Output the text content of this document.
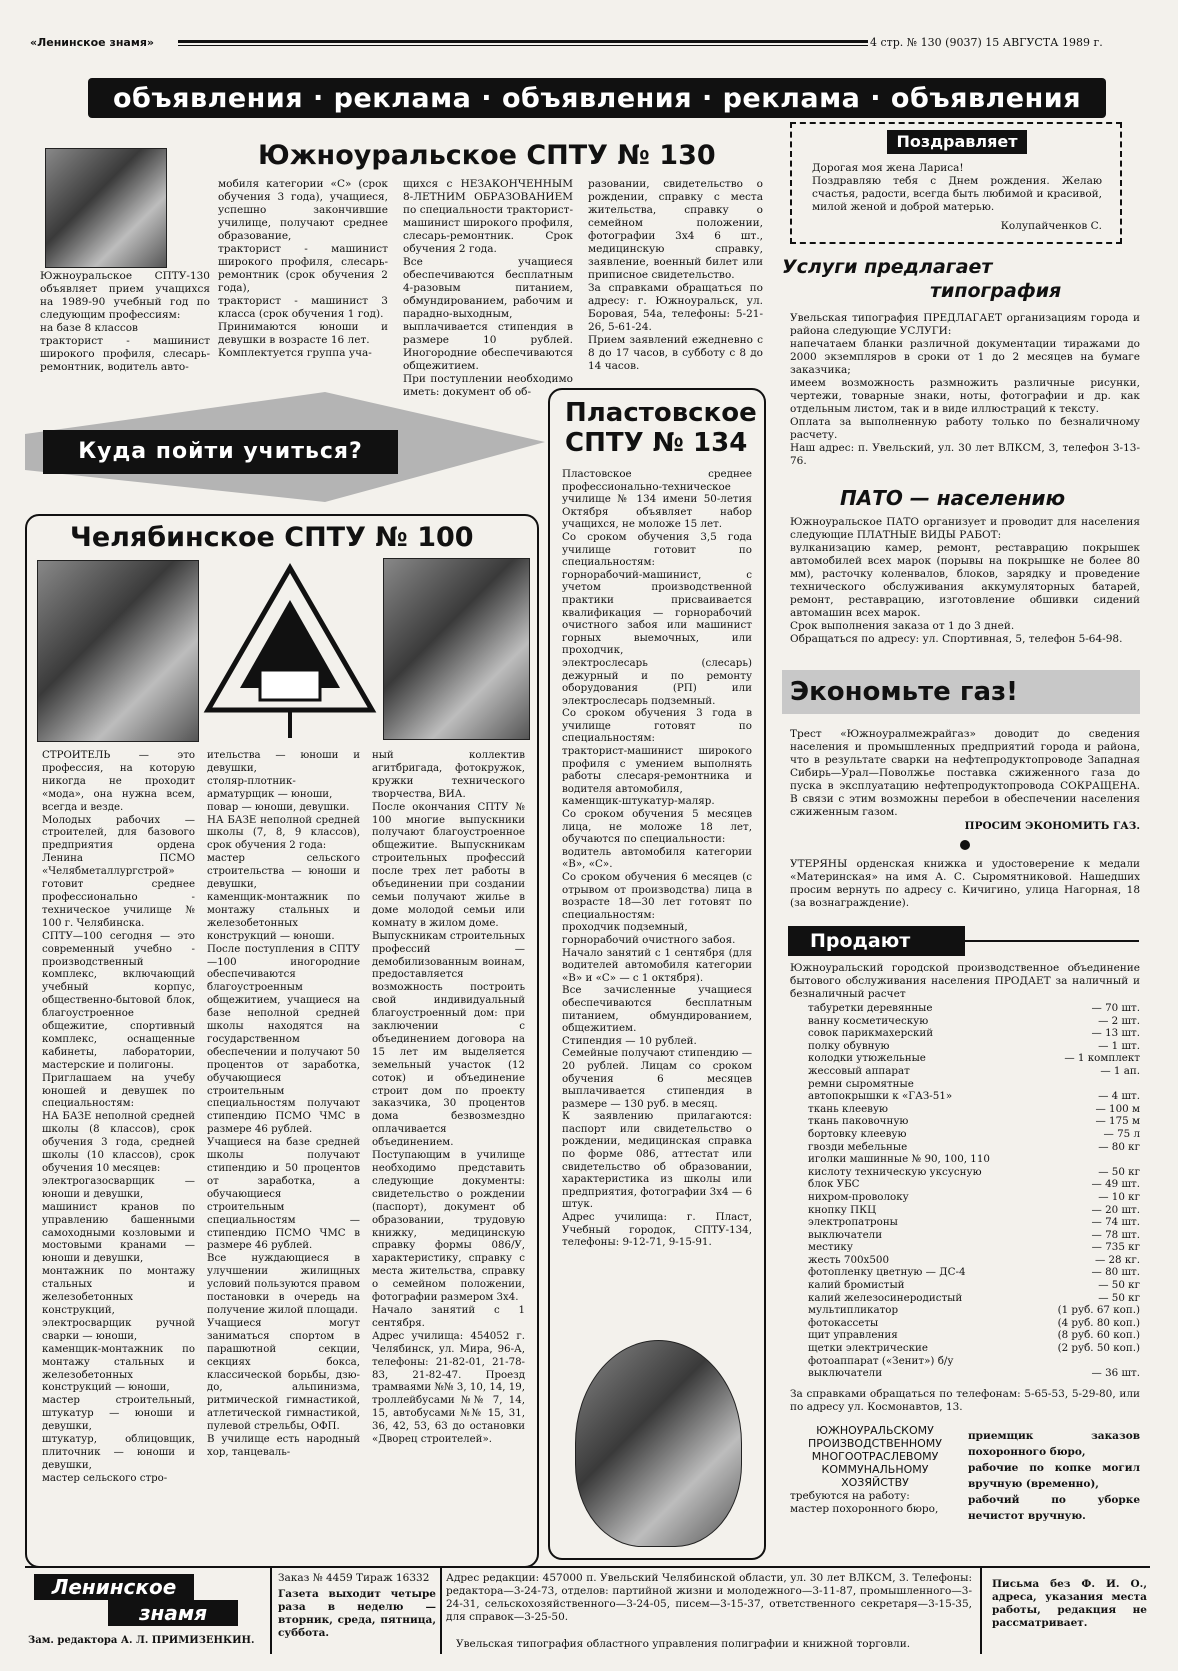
«Ленинское знамя»	4 стр. № 130 (9037) 15 АВГУСТА 1989 г.
объявления · реклама · объявления · реклама · объявления
Южноуральское СПТУ № 130
Южноуральское СПТУ-130 объявляет прием учащихся на 1989-90 учебный год по следующим профессиям:
на базе 8 классов
тракторист - машинист широкого профиля, слесарь-ремонтник, водитель авто-
мобиля категории «С» (срок обучения 3 года), учащиеся, успешно закончившие училище, получают среднее образование,
тракторист - машинист широкого профиля, слесарь-ремонтник (срок обучения 2 года),
тракторист - машинист 3 класса (срок обучения 1 год).
Принимаются юноши и девушки в возрасте 16 лет.
Комплектуется группа уча-
щихся с НЕЗАКОНЧЕННЫМ 8-ЛЕТНИМ ОБРАЗОВАНИЕМ по специальности тракторист-машинист широкого профиля, слесарь-ремонтник. Срок обучения 2 года.
Все учащиеся обеспечиваются бесплатным 4-разовым питанием, обмундированием, рабочим и парадно-выходным, выплачивается стипендия в размере 10 рублей. Иногородние обеспечиваются общежитием.
При поступлении необходимо иметь: документ об об-
разовании, свидетельство о рождении, справку с места жительства, справку о семейном положении, фотографии 3х4 6 шт., медицинскую справку, заявление, военный билет или приписное свидетельство.
За справками обращаться по адресу: г. Южноуральск, ул. Боровая, 54а, телефоны: 5-21-26, 5-61-24.
Прием заявлений ежедневно с 8 до 17 часов, в субботу с 8 до 14 часов.
Поздравляет
Дорогая моя жена Лариса!
Поздравляю тебя с Днем рождения. Желаю счастья, радости, всегда быть любимой и красивой, милой женой и доброй матерью.
Колупайченков С.
Услуги предлагает
типография
Увельская типография ПРЕДЛАГАЕТ организациям города и района следующие УСЛУГИ:
напечатаем бланки различной документации тиражами до 2000 экземпляров в сроки от 1 до 2 месяцев на бумаге заказчика;
имеем возможность размножить различные рисунки, чертежи, товарные знаки, ноты, фотографии и др. как отдельным листом, так и в виде иллюстраций к тексту.
Оплата за выполненную работу только по безналичному расчету.
Наш адрес: п. Увельский, ул. 30 лет ВЛКСМ, 3, телефон 3-13-76.
ПАТО — населению
Южноуральское ПАТО организует и проводит для населения следующие ПЛАТНЫЕ ВИДЫ РАБОТ:
вулканизацию камер, ремонт, реставрацию покрышек автомобилей всех марок (порывы на покрышке не более 80 мм), расточку коленвалов, блоков, зарядку и проведение технического обслуживания аккумуляторных батарей, ремонт, реставрацию, изготовление обшивки сидений автомашин всех марок.
Срок выполнения заказа от 1 до 3 дней.
Обращаться по адресу: ул. Спортивная, 5, телефон 5-64-98.
Куда пойти учиться?
Пластовское
СПТУ № 134
Пластовское среднее профессионально-техническое училище № 134 имени 50-летия Октября объявляет набор учащихся, не моложе 15 лет.
Со сроком обучения 3,5 года училище готовит по специальностям:
горнорабочий-машинист, с учетом производственной практики присваивается квалификация — горнорабочий очистного забоя или машинист горных выемочных, или проходчик,
электрослесарь (слесарь) дежурный и по ремонту оборудования (РП) или электрослесарь подземный.
Со сроком обучения 3 года в училище готовят по специальностям:
тракторист-машинист широкого профиля с умением выполнять работы слесаря-ремонтника и водителя автомобиля,
каменщик-штукатур-маляр.
Со сроком обучения 5 месяцев лица, не моложе 18 лет, обучаются по специальности:
водитель автомобиля категории «В», «С».
Со сроком обучения 6 месяцев (с отрывом от производства) лица в возрасте 18—30 лет готовят по специальностям:
проходчик подземный,
горнорабочий очистного забоя.
Начало занятий с 1 сентября (для водителей автомобиля категории «В» и «С» — с 1 октября).
Все зачисленные учащиеся обеспечиваются бесплатным питанием, обмундированием, общежитием.
Стипендия — 10 рублей.
Семейные получают стипендию — 20 рублей. Лицам со сроком обучения 6 месяцев выплачивается стипендия в размере — 130 руб. в месяц.
К заявлению прилагаются: паспорт или свидетельство о рождении, медицинская справка по форме 086, аттестат или свидетельство об образовании, характеристика из школы или предприятия, фотографии 3х4 — 6 штук.
Адрес училища: г. Пласт, Учебный городок, СПТУ-134, телефоны: 9-12-71, 9-15-91.
Челябинское СПТУ № 100
СТРОИТЕЛЬ — это профессия, на которую никогда не проходит «мода», она нужна всем, всегда и везде.
Молодых рабочих — строителей, для базового предприятия ордена Ленина ПСМО «Челябметаллургстрой» готовит среднее профессионально - техническое училище № 100 г. Челябинска.
СПТУ—100 сегодня — это современный учебно - производственный комплекс, включающий учебный корпус, общественно-бытовой блок, благоустроенное общежитие, спортивный комплекс, оснащенные кабинеты, лаборатории, мастерские и полигоны.
Приглашаем на учебу юношей и девушек по специальностям:
НА БАЗЕ неполной средней школы (8 классов), срок обучения 3 года, средней школы (10 классов), срок обучения 10 месяцев:
электрогазосварщик — юноши и девушки,
машинист кранов по управлению башенными самоходными козловыми и мостовыми кранами — юноши и девушки,
монтажник по монтажу стальных и железобетонных конструкций, электросварщик ручной сварки — юноши,
каменщик-монтажник по монтажу стальных и железобетонных конструкций — юноши,
мастер строительный, штукатур — юноши и девушки,
штукатур, облицовщик, плиточник — юноши и девушки,
мастер сельского стро-
ительства — юноши и девушки,
столяр-плотник-арматурщик — юноши,
повар — юноши, девушки.
НА БАЗЕ неполной средней школы (7, 8, 9 классов), срок обучения 2 года:
мастер сельского строительства — юноши и девушки,
каменщик-монтажник по монтажу стальных и железобетонных конструкций — юноши.
После поступления в СПТУ—100 иногородние обеспечиваются благоустроенным общежитием, учащиеся на базе неполной средней школы находятся на государственном обеспечении и получают 50 процентов от заработка, обучающиеся строительным специальностям получают стипендию ПСМО ЧМС в размере 46 рублей.
Учащиеся на базе средней школы получают стипендию и 50 процентов от заработка, а обучающиеся строительным специальностям — стипендию ПСМО ЧМС в размере 46 рублей.
Все нуждающиеся в улучшении жилищных условий пользуются правом постановки в очередь на получение жилой площади.
Учащиеся могут заниматься спортом в парашютной секции, секциях бокса, классической борьбы, дзю-до, альпинизма, ритмической гимнастикой, атлетической гимнастикой, пулевой стрельбы, ОФП.
В училище есть народный хор, танцеваль-
ный коллектив агитбригада, фотокружок, кружки технического творчества, ВИА.
После окончания СПТУ № 100 многие выпускники получают благоустроенное общежитие. Выпускникам строительных профессий после трех лет работы в объединении при создании семьи получают жилье в доме молодой семьи или комнату в жилом доме.
Выпускникам строительных профессий — демобилизованным воинам, предоставляется возможность построить свой индивидуальный благоустроенный дом: при заключении с объединением договора на 15 лет им выделяется земельный участок (12 соток) и объединение строит дом по проекту заказчика, 30 процентов дома безвозмездно оплачивается объединением.
Поступающим в училище необходимо представить следующие документы: свидетельство о рождении (паспорт), документ об образовании, трудовую книжку, медицинскую справку формы 086/У, характеристику, справку с места жительства, справку о семейном положении, фотографии размером 3х4.
Начало занятий с 1 сентября.
Адрес училища: 454052 г. Челябинск, ул. Мира, 96-А, телефоны: 21-82-01, 21-78-83, 21-82-47. Проезд трамваями №№ 3, 10, 14, 19, троллейбусами №№ 7, 14, 15, автобусами №№ 15, 31, 36, 42, 53, 63 до остановки «Дворец строителей».
Экономьте газ!
Трест «Южноуралмежрайгаз» доводит до сведения населения и промышленных предприятий города и района, что в результате сварки на нефтепродуктопроводе Западная Сибирь—Урал—Поволжье поставка сжиженного газа до пуска в эксплуатацию нефтепродуктопровода СОКРАЩЕНА. В связи с этим возможны перебои в обеспечении населения сжиженным газом.
ПРОСИМ ЭКОНОМИТЬ ГАЗ.
УТЕРЯНЫ орденская книжка и удостоверение к медали «Материнская» на имя А. С. Сыромятниковой. Нашедших просим вернуть по адресу с. Кичигино, улица Нагорная, 18 (за вознаграждение).
Продают
Южноуральский городской производственное объединение бытового обслуживания населения ПРОДАЕТ за наличный и безналичный расчет
табуретки деревянные	— 70 шт.
ванну косметическую	— 2 шт.
совок парикмахерский	— 13 шт.
полку обувную	— 1 шт.
колодки утюжельные	— 1 комплект
жессовый аппарат	— 1 ап.
ремни сыромятные
автопокрышки к «ГАЗ-51»	— 4 шт.
ткань клеевую	— 100 м
ткань паковочную	— 175 м
бортовку клеевую	— 75 л
гвозди мебельные	— 80 кг
иголки машинные № 90, 100, 110
кислоту техническую уксусную	— 50 кг
блок УБС	— 49 шт.
нихром-проволоку	— 10 кг
кнопку ПКЦ	— 20 шт.
электропатроны	— 74 шт.
выключатели	— 78 шт.
местику	— 735 кг
жесть 700х500	— 28 кг.
фотопленку цветную — ДС-4	— 80 шт.
калий бромистый	— 50 кг
калий железосинеродистый	— 50 кг
мультипликатор	(1 руб. 67 коп.)
фотокассеты	(4 руб. 80 коп.)
щит управления	(8 руб. 60 коп.)
щетки электрические	(2 руб. 50 коп.)
фотоаппарат («Зенит») б/у
выключатели	— 36 шт.
За справками обращаться по телефонам: 5-65-53, 5-29-80, или по адресу ул. Космонавтов, 13.
ЮЖНОУРАЛЬСКОМУ ПРОИЗВОДСТВЕННОМУ МНОГООТРАСЛЕВОМУ КОММУНАЛЬНОМУ ХОЗЯЙСТВУ
требуются на работу:
мастер похоронного бюро,
приемщик заказов похоронного бюро,
рабочие по копке могил вручную (временно),
рабочий по уборке нечистот вручную.
Ленинское
знамя
Зам. редактора А. Л. ПРИМИЗЕНКИН.
Заказ № 4459 Тираж 16332
Газета выходит четыре раза в неделю — вторник, среда, пятница, суббота.
Адрес редакции: 457000 п. Увельский Челябинской области, ул. 30 лет ВЛКСМ, 3. Телефоны: редактора—3-24-73, отделов: партийной жизни и молодежного—3-11-87, промышленного—3-24-31, сельскохозяйственного—3-24-05, писем—3-15-37, ответственного секретаря—3-15-35, для справок—3-25-50.
Увельская типография областного управления полиграфии и книжной торговли.
Письма без Ф. И. О., адреса, указания места работы, редакция не рассматривает.
